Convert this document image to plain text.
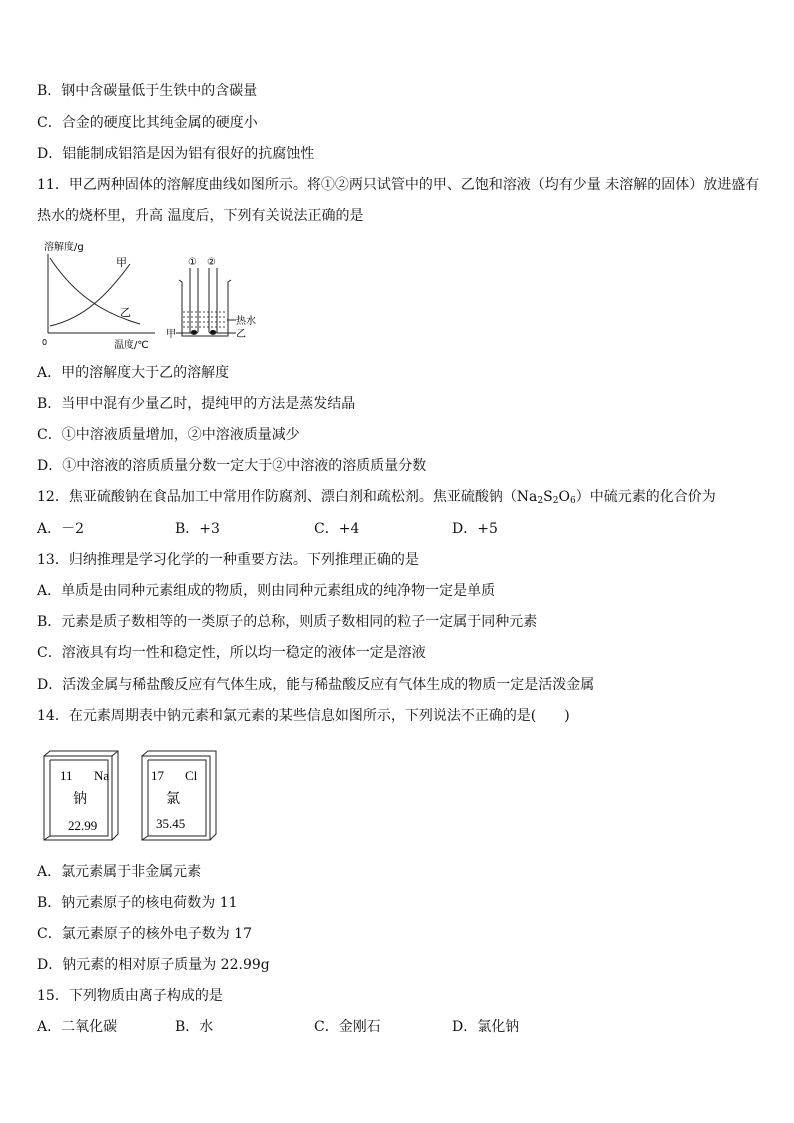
B．钢中含碳量低于生铁中的含碳量
C．合金的硬度比其纯金属的硬度小
D．铝能制成铝箔是因为铝有很好的抗腐蚀性
11．甲乙两种固体的溶解度曲线如图所示。将①②两只试管中的甲、乙饱和溶液（均有少量 未溶解的固体）放进盛有
热水的烧杯里，升高 温度后，下列有关说法正确的是
溶解度/g
甲
乙
0	温度/℃
① ②
热水
乙
甲
A．甲的溶解度大于乙的溶解度
B．当甲中混有少量乙时，提纯甲的方法是蒸发结晶
C．①中溶液质量增加，②中溶液质量减少
D．①中溶液的溶质质量分数一定大于②中溶液的溶质质量分数
12．焦亚硫酸钠在食品加工中常用作防腐剂、漂白剂和疏松剂。焦亚硫酸钠$(Na_2S_2O_6)$中硫元素的化合价为
A．－2	B．+3	C．+4	D．+5
13．归纳推理是学习化学的一种重要方法。下列推理正确的是
A．单质是由同种元素组成的物质，则由同种元素组成的纯净物一定是单质
B．元素是质子数相等的一类原子的总称，则质子数相同的粒子一定属于同种元素
C．溶液具有均一性和稳定性，所以均一稳定的液体一定是溶液
D．活泼金属与稀盐酸反应有气体生成，能与稀盐酸反应有气体生成的物质一定是活泼金属
14．在元素周期表中钠元素和氯元素的某些信息如图所示，下列说法不正确的是(　　)
11 Na
钠
22.99
17 Cl
氯
35.45
A．氯元素属于非金属元素
B．钠元素原子的核电荷数为 11
C．氯元素原子的核外电子数为 17
D．钠元素的相对原子质量为 22.99g
15．下列物质由离子构成的是
A．二氧化碳	B．水	C．金刚石	D．氯化钠
